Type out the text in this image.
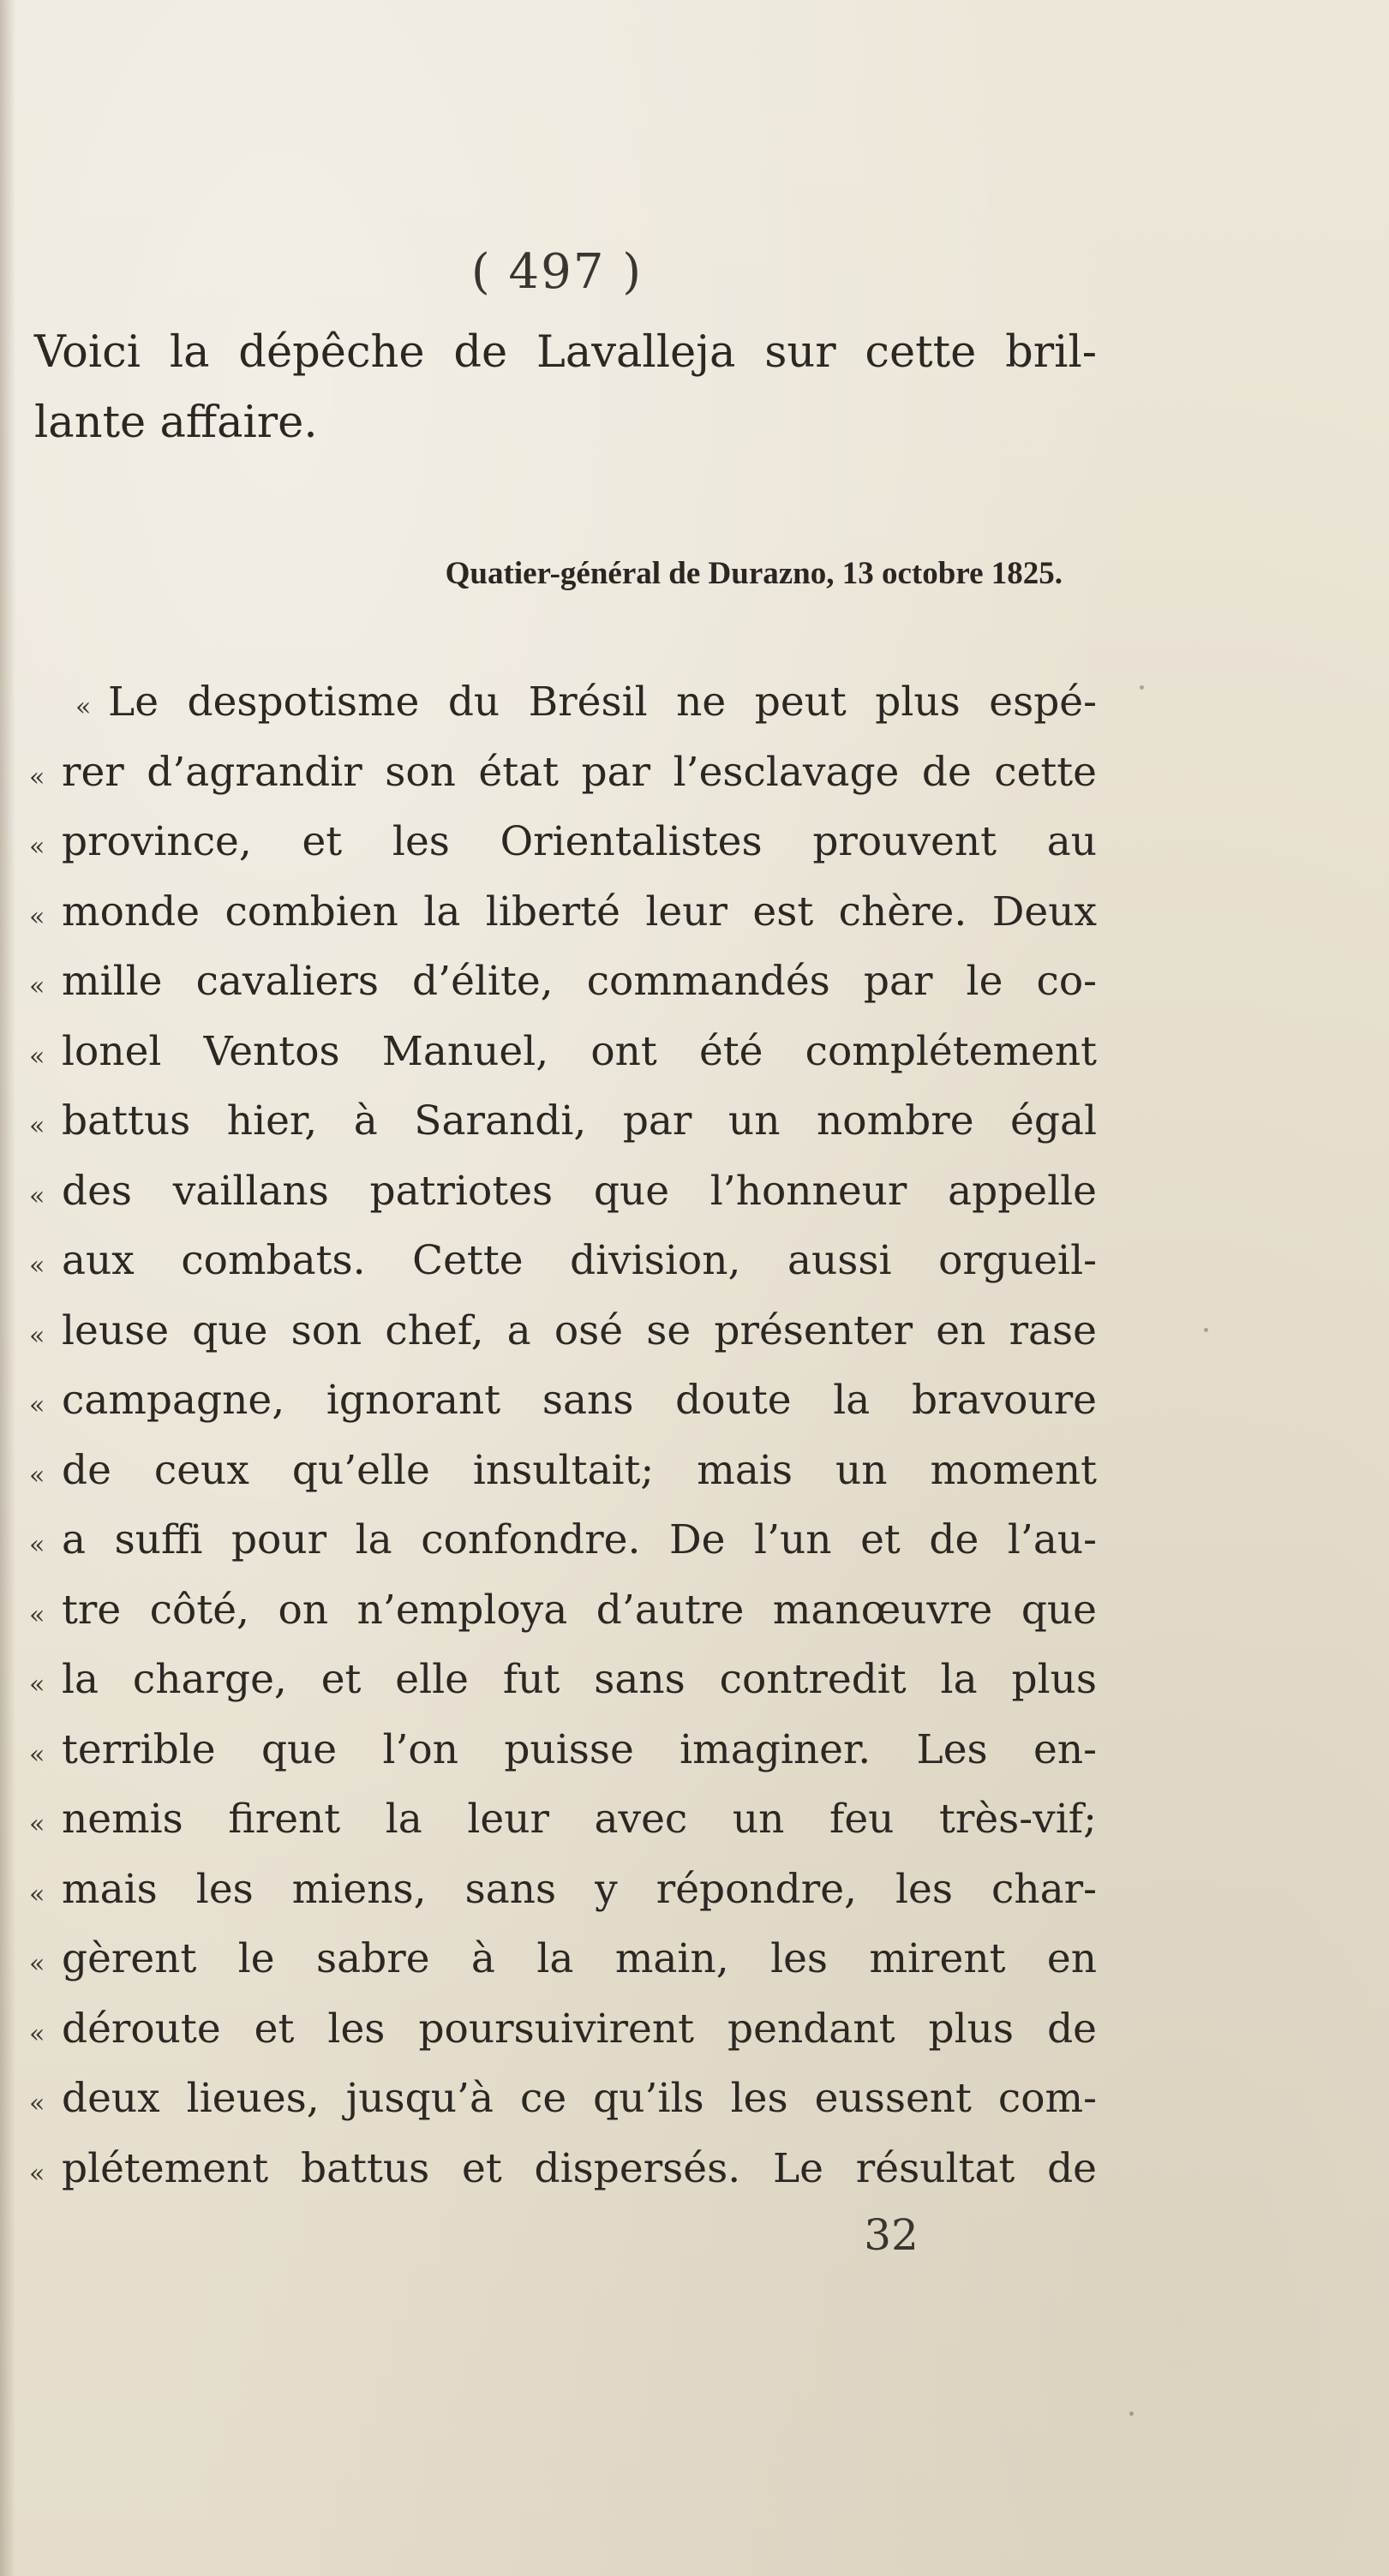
( 497 )
Voici la dépêche de Lavalleja sur cette bril-
lante affaire.
Quatier-général de Durazno, 13 octobre 1825.
« Le despotisme du Brésil ne peut plus espé-
« rer d’agrandir son état par l’esclavage de cette
« province, et les Orientalistes prouvent au
« monde combien la liberté leur est chère. Deux
« mille cavaliers d’élite, commandés par le co-
« lonel Ventos Manuel, ont été complétement
« battus hier, à Sarandi, par un nombre égal
« des vaillans patriotes que l’honneur appelle
« aux combats. Cette division, aussi orgueil-
« leuse que son chef, a osé se présenter en rase
« campagne, ignorant sans doute la bravoure
« de ceux qu’elle insultait; mais un moment
« a suffi pour la confondre. De l’un et de l’au-
« tre côté, on n’employa d’autre manœuvre que
« la charge, et elle fut sans contredit la plus
« terrible que l’on puisse imaginer. Les en-
« nemis firent la leur avec un feu très-vif;
« mais les miens, sans y répondre, les char-
« gèrent le sabre à la main, les mirent en
« déroute et les poursuivirent pendant plus de
« deux lieues, jusqu’à ce qu’ils les eussent com-
« plétement battus et dispersés. Le résultat de
32
